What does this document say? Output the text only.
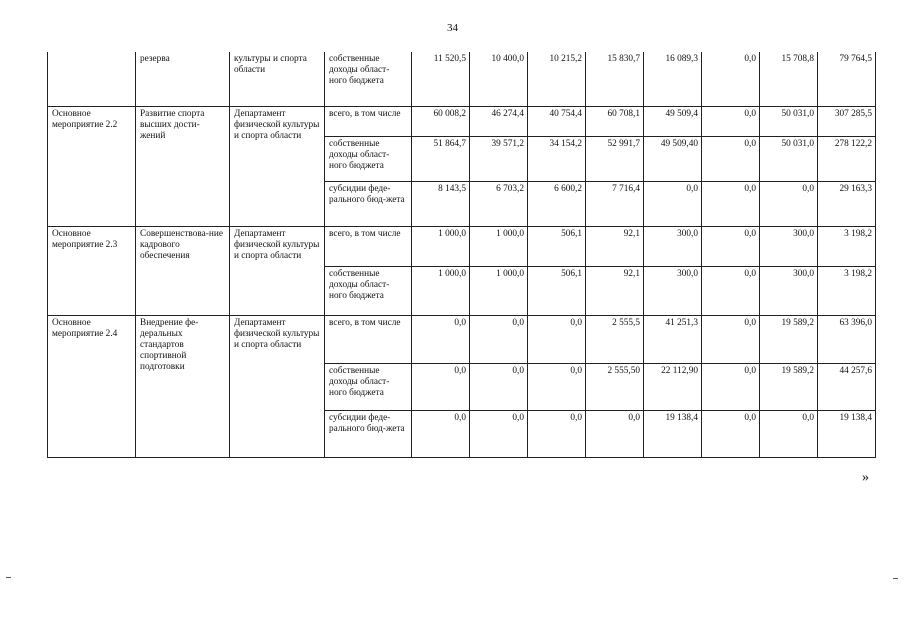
34
	резерва	культуры и спорта области	собственные доходы област-ного бюджета	11 520,5	10 400,0	10 215,2	15 830,7	16 089,3	0,0	15 708,8	79 764,5
Основное мероприятие 2.2	Развитие спорта высших дости-жений	Департамент физической культуры и спорта области	всего, в том числе	60 008,2	46 274,4	40 754,4	60 708,1	49 509,4	0,0	50 031,0	307 285,5
			собственные доходы област-ного бюджета	51 864,7	39 571,2	34 154,2	52 991,7	49 509,40	0,0	50 031,0	278 122,2
			субсидии феде-рального бюд-жета	8 143,5	6 703,2	6 600,2	7 716,4	0,0	0,0	0,0	29 163,3
Основное мероприятие 2.3	Совершенствова-ние кадрового обеспечения	Департамент физической культуры и спорта области	всего, в том числе	1 000,0	1 000,0	506,1	92,1	300,0	0,0	300,0	3 198,2
			собственные доходы област-ного бюджета	1 000,0	1 000,0	506,1	92,1	300,0	0,0	300,0	3 198,2
Основное мероприятие 2.4	Внедрение фе-деральных стандартов спортивной подготовки	Департамент физической культуры и спорта области	всего, в том числе	0,0	0,0	0,0	2 555,5	41 251,3	0,0	19 589,2	63 396,0
			собственные доходы област-ного бюджета	0,0	0,0	0,0	2 555,50	22 112,90	0,0	19 589,2	44 257,6
			субсидии феде-рального бюд-жета	0,0	0,0	0,0	0,0	19 138,4	0,0	0,0	19 138,4
»
